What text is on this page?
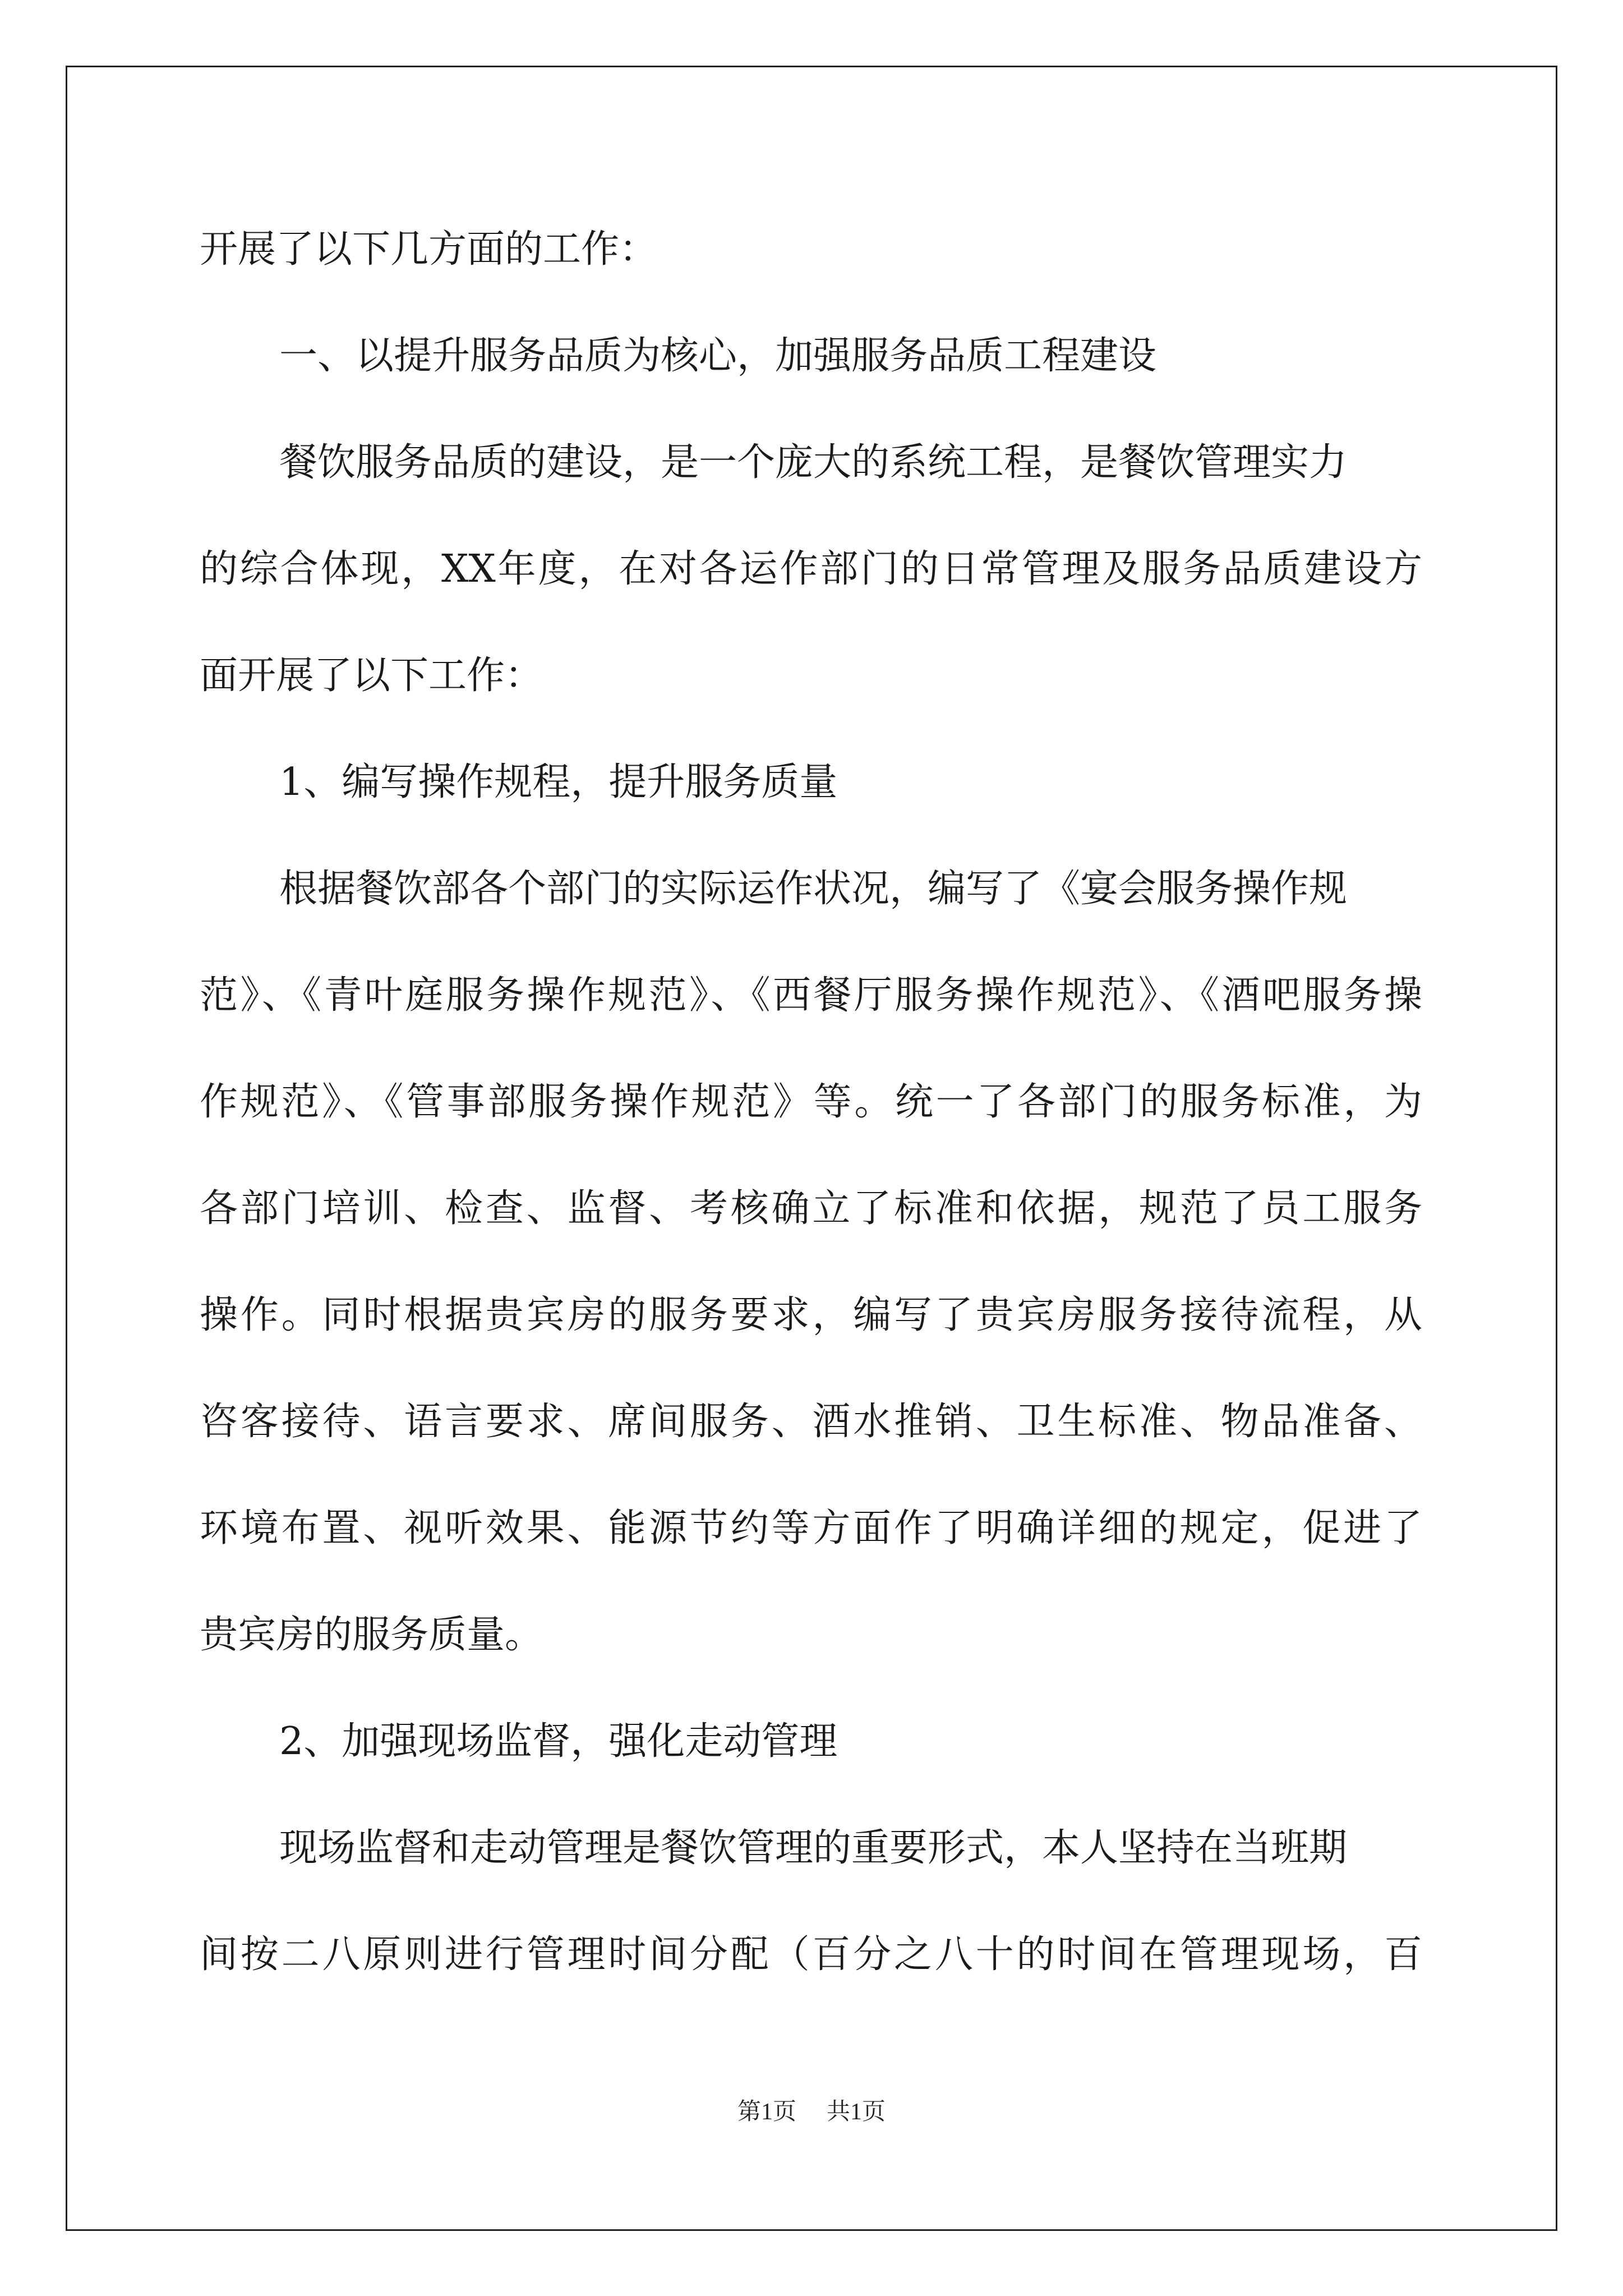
开展了以下几方面的工作：
一、以提升服务品质为核心，加强服务品质工程建设
餐饮服务品质的建设，是一个庞大的系统工程，是餐饮管理实力
的综合体现，XX年度，在对各运作部门的日常管理及服务品质建设方
面开展了以下工作：
1、编写操作规程，提升服务质量
根据餐饮部各个部门的实际运作状况，编写了《宴会服务操作规
范》、《青叶庭服务操作规范》、《西餐厅服务操作规范》、《酒吧服务操
作规范》、《管事部服务操作规范》等。统一了各部门的服务标准，为
各部门培训、检查、监督、考核确立了标准和依据，规范了员工服务
操作。同时根据贵宾房的服务要求，编写了贵宾房服务接待流程，从
咨客接待、语言要求、席间服务、酒水推销、卫生标准、物品准备、
环境布置、视听效果、能源节约等方面作了明确详细的规定，促进了
贵宾房的服务质量。
2、加强现场监督，强化走动管理
现场监督和走动管理是餐饮管理的重要形式，本人坚持在当班期
间按二八原则进行管理时间分配（百分之八十的时间在管理现场，百
第1页 共1页
